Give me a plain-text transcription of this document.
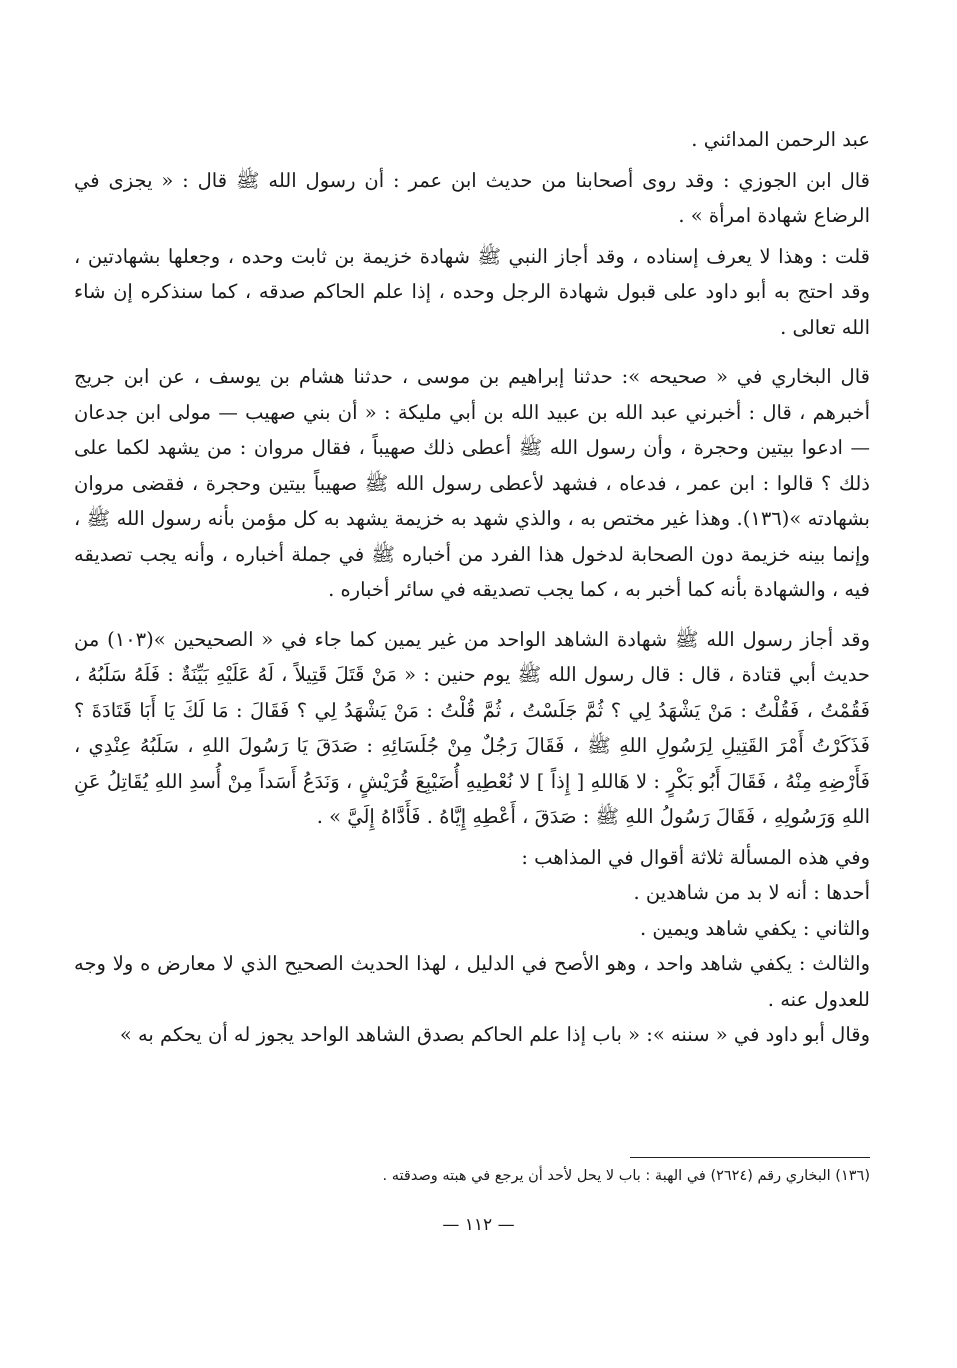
عبد الرحمن المدائني .

قال ابن الجوزي : وقد روى أصحابنا من حديث ابن عمر : أن رسول الله ﷺ قال : « يجزى في الرضاع شهادة امرأة » .

قلت : وهذا لا يعرف إسناده ، وقد أجاز النبي ﷺ شهادة خزيمة بن ثابت وحده ، وجعلها بشهادتين ، وقد احتج به أبو داود على قبول شهادة الرجل وحده ، إذا علم الحاكم صدقه ، كما سنذكره إن شاء الله تعالى .

قال البخاري في « صحيحه »: حدثنا إبراهيم بن موسى ، حدثنا هشام بن يوسف ، عن ابن جريج أخبرهم ، قال : أخبرني عبد الله بن عبيد الله بن أبي مليكة : « أن بني صهيب — مولى ابن جدعان — ادعوا بيتين وحجرة ، وأن رسول الله ﷺ أعطى ذلك صهيباً ، فقال مروان : من يشهد لكما على ذلك ؟ قالوا : ابن عمر ، فدعاه ، فشهد لأعطى رسول الله ﷺ صهيباً بيتين وحجرة ، فقضى مروان بشهادته »(١٣٦). وهذا غير مختص به ، والذي شهد به خزيمة يشهد به كل مؤمن بأنه رسول الله ﷺ ، وإنما بينه خزيمة دون الصحابة لدخول هذا الفرد من أخباره ﷺ في جملة أخباره ، وأنه يجب تصديقه فيه ، والشهادة بأنه كما أخبر به ، كما يجب تصديقه في سائر أخباره .

وقد أجاز رسول الله ﷺ شهادة الشاهد الواحد من غير يمين كما جاء في « الصحيحين »(١٠٣) من حديث أبي قتادة ، قال : قال رسول الله ﷺ يوم حنين : « مَنْ قَتَلَ قَتِيلاً ، لَهُ عَلَيْهِ بَيِّنَةٌ : فَلَهُ سَلَبُهُ ، فَقُمْتُ ، فَقُلْتُ : مَنْ يَشْهَدُ لِي ؟ ثُمَّ جَلَسْتُ ، ثُمَّ قُلْتُ : مَنْ يَشْهَدُ لِي ؟ فَقَالَ : مَا لَكَ يَا أَبَا قَتَادَةَ ؟ فَذَكَرْتُ أَمْرَ القَتِيلِ لِرَسُولِ اللهِ ﷺ ، فَقَالَ رَجُلٌ مِنْ جُلَسَائِهِ : صَدَقَ يَا رَسُولَ اللهِ ، سَلَبُهُ عِنْدِي ، فَأَرْضِهِ مِنْهُ ، فَقَالَ أَبُو بَكْرٍ : لا هَاللهِ [ إِذاً ] لا نُعْطِيهِ أُضَيْبِعَ قُرَيْشٍ ، وَنَدَعُ أَسَداً مِنْ أُسدِ اللهِ يُقَاتِلُ عَنِ اللهِ وَرَسُولِهِ ، فَقَالَ رَسُولُ اللهِ ﷺ : صَدَقَ ، أَعْطِهِ إِيَّاهُ . فَأَدَّاهُ إِلَيَّ » .

وفي هذه المسألة ثلاثة أقوال في المذاهب :

أحدها : أنه لا بد من شاهدين .

والثاني : يكفي شاهد ويمين .

والثالث : يكفي شاهد واحد ، وهو الأصح في الدليل ، لهذا الحديث الصحيح الذي لا معارض ه ولا وجه للعدول عنه .

وقال أبو داود في « سننه »: « باب إذا علم الحاكم بصدق الشاهد الواحد يجوز له أن يحكم به »

(١٣٦) البخاري رقم (٢٦٢٤) في الهبة : باب لا يحل لأحد أن يرجع في هبته وصدقته .
— ١١٢ —
